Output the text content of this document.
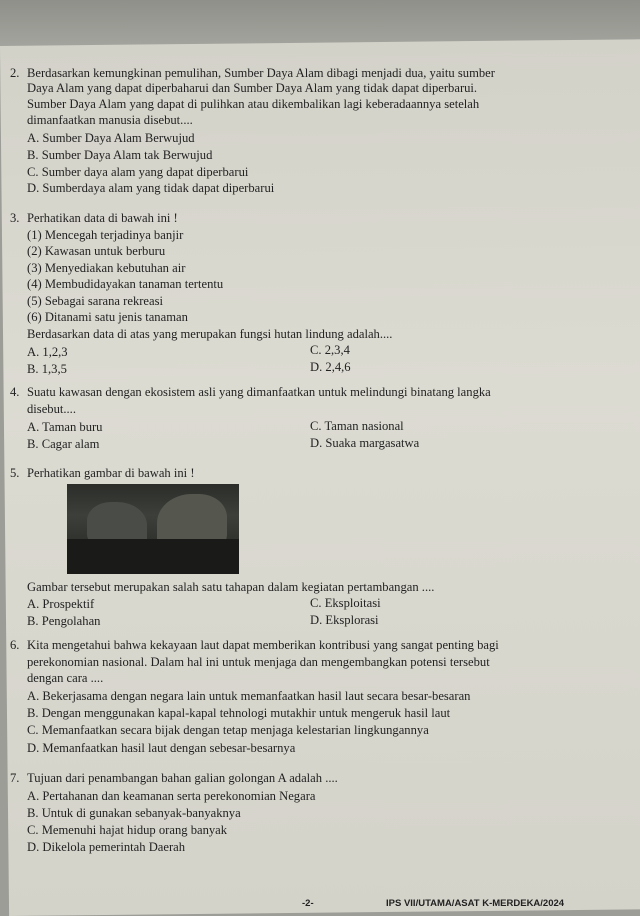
2. Berdasarkan kemungkinan pemulihan, Sumber Daya Alam dibagi menjadi dua, yaitu sumber
Daya Alam yang dapat diperbaharui dan Sumber Daya Alam yang tidak dapat diperbarui.
Sumber Daya Alam yang dapat di pulihkan atau dikembalikan lagi keberadaannya setelah
dimanfaatkan manusia disebut....
A. Sumber Daya Alam Berwujud
B. Sumber Daya Alam tak Berwujud
C. Sumber daya alam yang dapat diperbarui
D. Sumberdaya alam yang tidak dapat diperbarui
3. Perhatikan data di bawah ini !
(1) Mencegah terjadinya banjir
(2) Kawasan untuk berburu
(3) Menyediakan kebutuhan air
(4) Membudidayakan tanaman tertentu
(5) Sebagai sarana rekreasi
(6) Ditanami satu jenis tanaman
Berdasarkan data di atas yang merupakan fungsi hutan lindung adalah....
A. 1,2,3	C. 2,3,4
B. 1,3,5	D. 2,4,6
4. Suatu kawasan dengan ekosistem asli yang dimanfaatkan untuk melindungi binatang langka
disebut....
A. Taman buru	C. Taman nasional
B. Cagar alam	D. Suaka margasatwa
5. Perhatikan gambar di bawah ini !
Gambar tersebut merupakan salah satu tahapan dalam kegiatan pertambangan ....
A. Prospektif	C. Eksploitasi
B. Pengolahan	D. Eksplorasi
6. Kita mengetahui bahwa kekayaan laut dapat memberikan kontribusi yang sangat penting bagi
perekonomian nasional. Dalam hal ini untuk menjaga dan mengembangkan potensi tersebut
dengan cara ....
A. Bekerjasama dengan negara lain untuk memanfaatkan hasil laut secara besar-besaran
B. Dengan menggunakan kapal-kapal tehnologi mutakhir untuk mengeruk hasil laut
C. Memanfaatkan secara bijak dengan tetap menjaga kelestarian lingkungannya
D. Memanfaatkan hasil laut dengan sebesar-besarnya
7. Tujuan dari penambangan bahan galian golongan A adalah ....
A. Pertahanan dan keamanan serta perekonomian Negara
B. Untuk di gunakan sebanyak-banyaknya
C. Memenuhi hajat hidup orang banyak
D. Dikelola pemerintah Daerah
-2-	IPS VII/UTAMA/ASAT K-MERDEKA/2024
